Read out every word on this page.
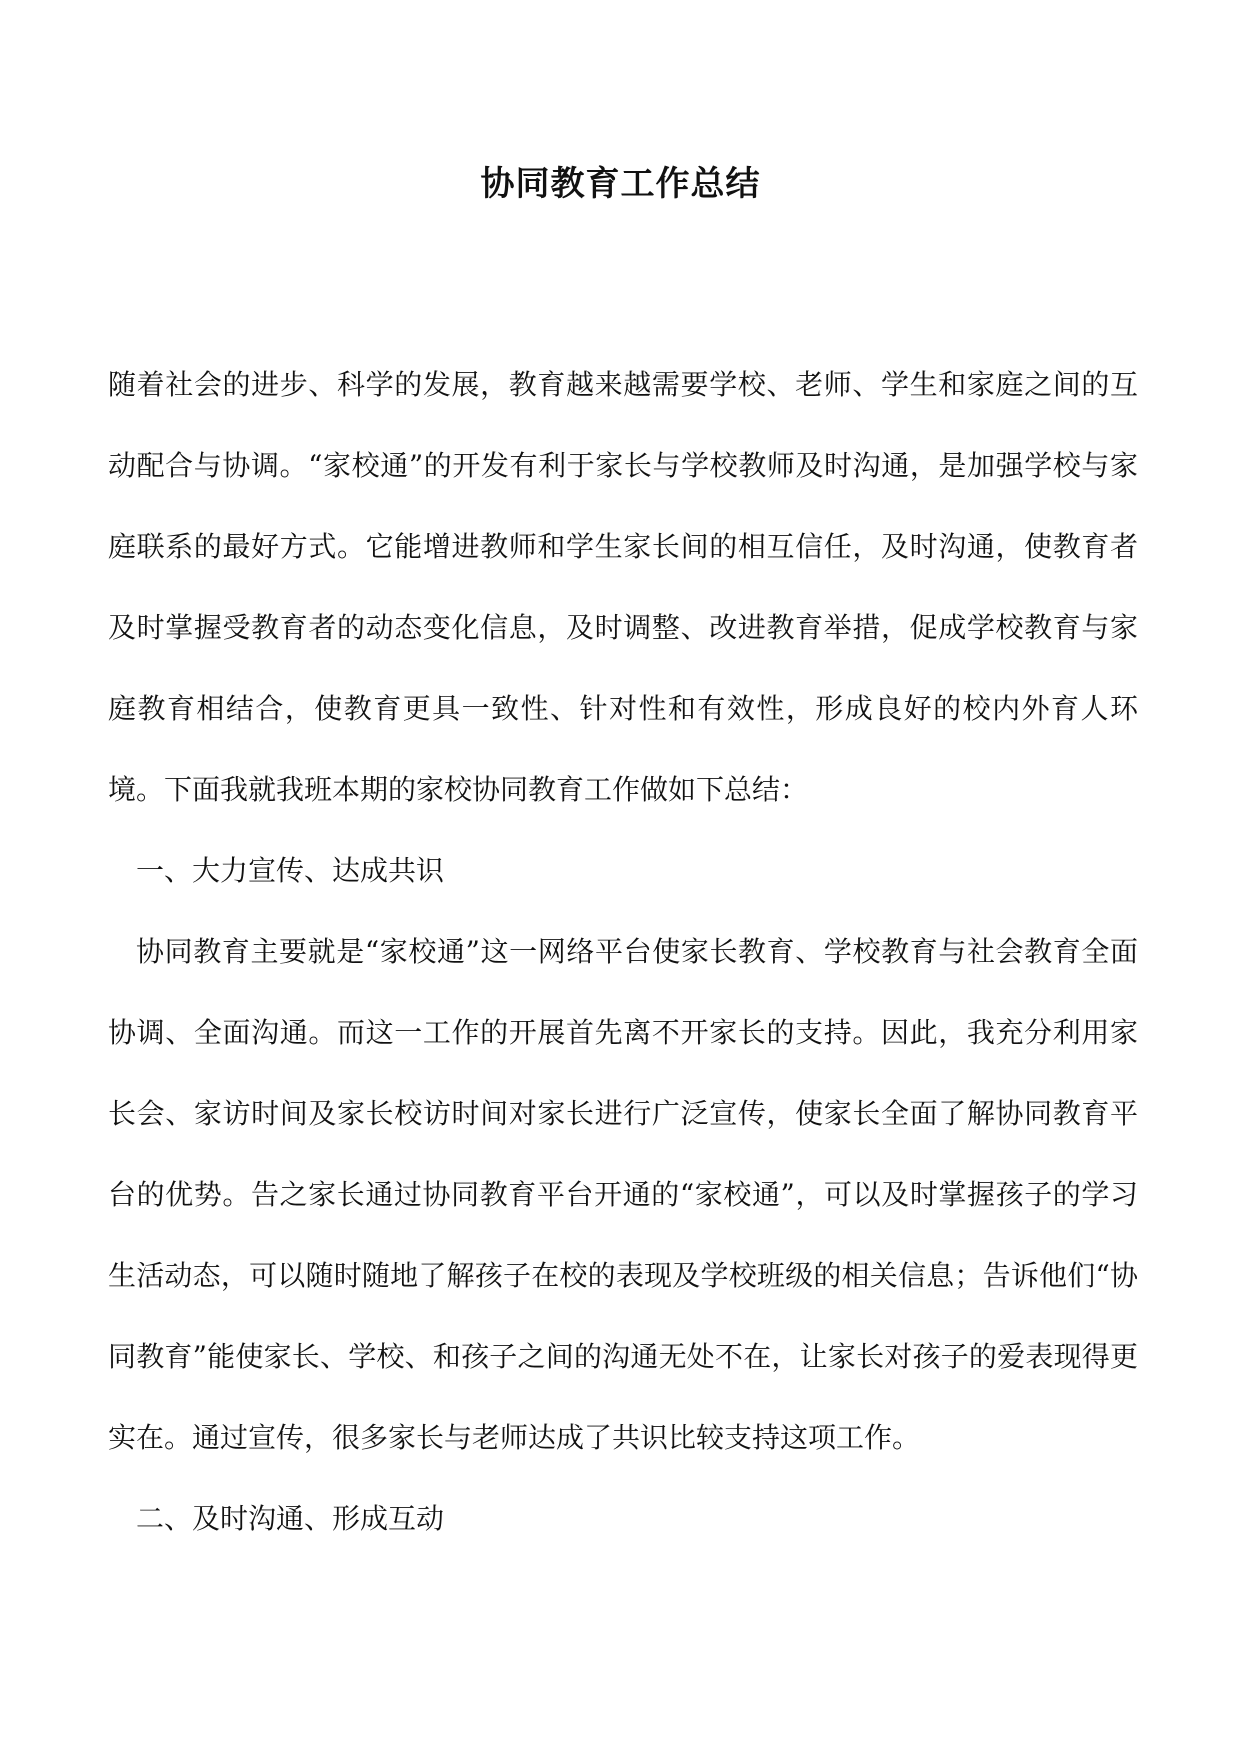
协同教育工作总结

随着社会的进步、科学的发展，教育越来越需要学校、老师、学生和家庭之间的互动配合与协调。“家校通”的开发有利于家长与学校教师及时沟通，是加强学校与家庭联系的最好方式。它能增进教师和学生家长间的相互信任，及时沟通，使教育者及时掌握受教育者的动态变化信息，及时调整、改进教育举措，促成学校教育与家庭教育相结合，使教育更具一致性、针对性和有效性，形成良好的校内外育人环境。下面我就我班本期的家校协同教育工作做如下总结：

一、大力宣传、达成共识

协同教育主要就是“家校通”这一网络平台使家长教育、学校教育与社会教育全面协调、全面沟通。而这一工作的开展首先离不开家长的支持。因此，我充分利用家长会、家访时间及家长校访时间对家长进行广泛宣传，使家长全面了解协同教育平台的优势。告之家长通过协同教育平台开通的“家校通”，可以及时掌握孩子的学习生活动态，可以随时随地了解孩子在校的表现及学校班级的相关信息；告诉他们“协同教育”能使家长、学校、和孩子之间的沟通无处不在，让家长对孩子的爱表现得更实在。通过宣传，很多家长与老师达成了共识比较支持这项工作。

二、及时沟通、形成互动
